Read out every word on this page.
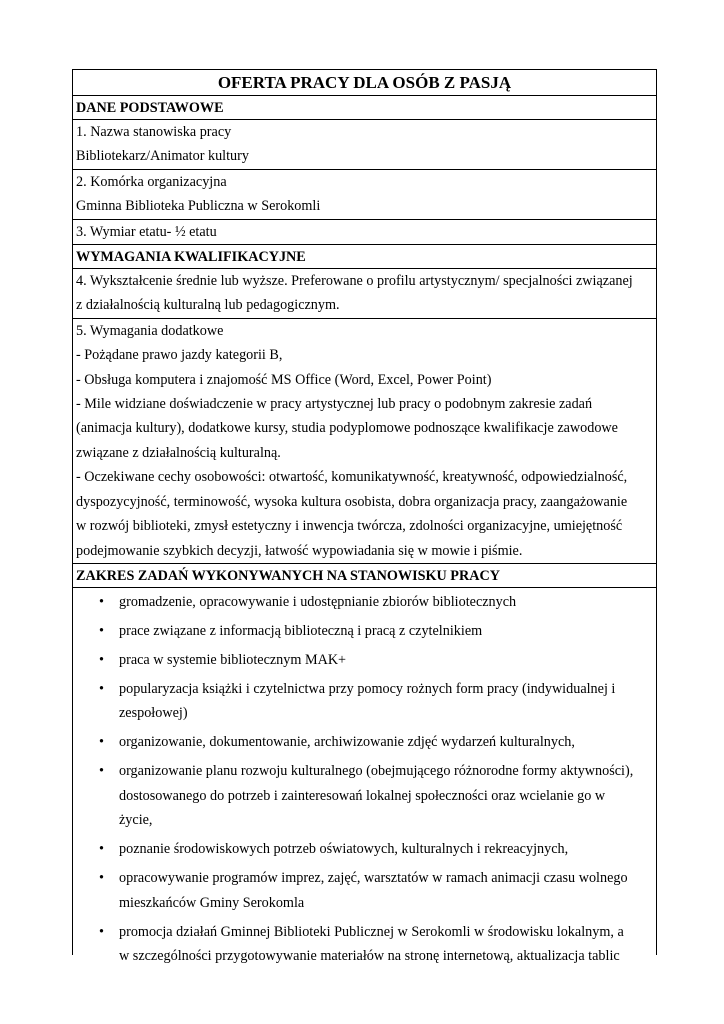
OFERTA PRACY DLA OSÓB Z PASJĄ
DANE PODSTAWOWE
1. Nazwa stanowiska pracy
Bibliotekarz/Animator kultury
2. Komórka organizacyjna
Gminna Biblioteka Publiczna w Serokomli
3. Wymiar etatu- ½ etatu
WYMAGANIA KWALIFIKACYJNE
4. Wykształcenie średnie lub wyższe. Preferowane o profilu artystycznym/ specjalności związanej
z działalnością kulturalną lub pedagogicznym.
5. Wymagania dodatkowe
- Pożądane prawo jazdy kategorii B,
- Obsługa komputera i znajomość MS Office (Word, Excel, Power Point)
- Mile widziane doświadczenie w pracy artystycznej lub pracy o podobnym zakresie zadań
(animacja kultury), dodatkowe kursy, studia podyplomowe podnoszące kwalifikacje zawodowe
związane z działalnością kulturalną.
- Oczekiwane cechy osobowości: otwartość, komunikatywność, kreatywność, odpowiedzialność,
dyspozycyjność, terminowość, wysoka kultura osobista, dobra organizacja pracy, zaangażowanie
w rozwój biblioteki, zmysł estetyczny i inwencja twórcza, zdolności organizacyjne, umiejętność
podejmowanie szybkich decyzji, łatwość wypowiadania się w mowie i piśmie.
ZAKRES ZADAŃ WYKONYWANYCH NA STANOWISKU PRACY
• gromadzenie, opracowywanie i udostępnianie zbiorów bibliotecznych
• prace związane z informacją biblioteczną i pracą z czytelnikiem
• praca w systemie bibliotecznym MAK+
• popularyzacja książki i czytelnictwa przy pomocy rożnych form pracy (indywidualnej i
zespołowej)
• organizowanie, dokumentowanie, archiwizowanie zdjęć wydarzeń kulturalnych,
• organizowanie planu rozwoju kulturalnego (obejmującego różnorodne formy aktywności),
dostosowanego do potrzeb i zainteresowań lokalnej społeczności oraz wcielanie go w
życie,
• poznanie środowiskowych potrzeb oświatowych, kulturalnych i rekreacyjnych,
• opracowywanie programów imprez, zajęć, warsztatów w ramach animacji czasu wolnego
mieszkańców Gminy Serokomla
• promocja działań Gminnej Biblioteki Publicznej w Serokomli w środowisku lokalnym, a
w szczególności przygotowywanie materiałów na stronę internetową, aktualizacja tablic
